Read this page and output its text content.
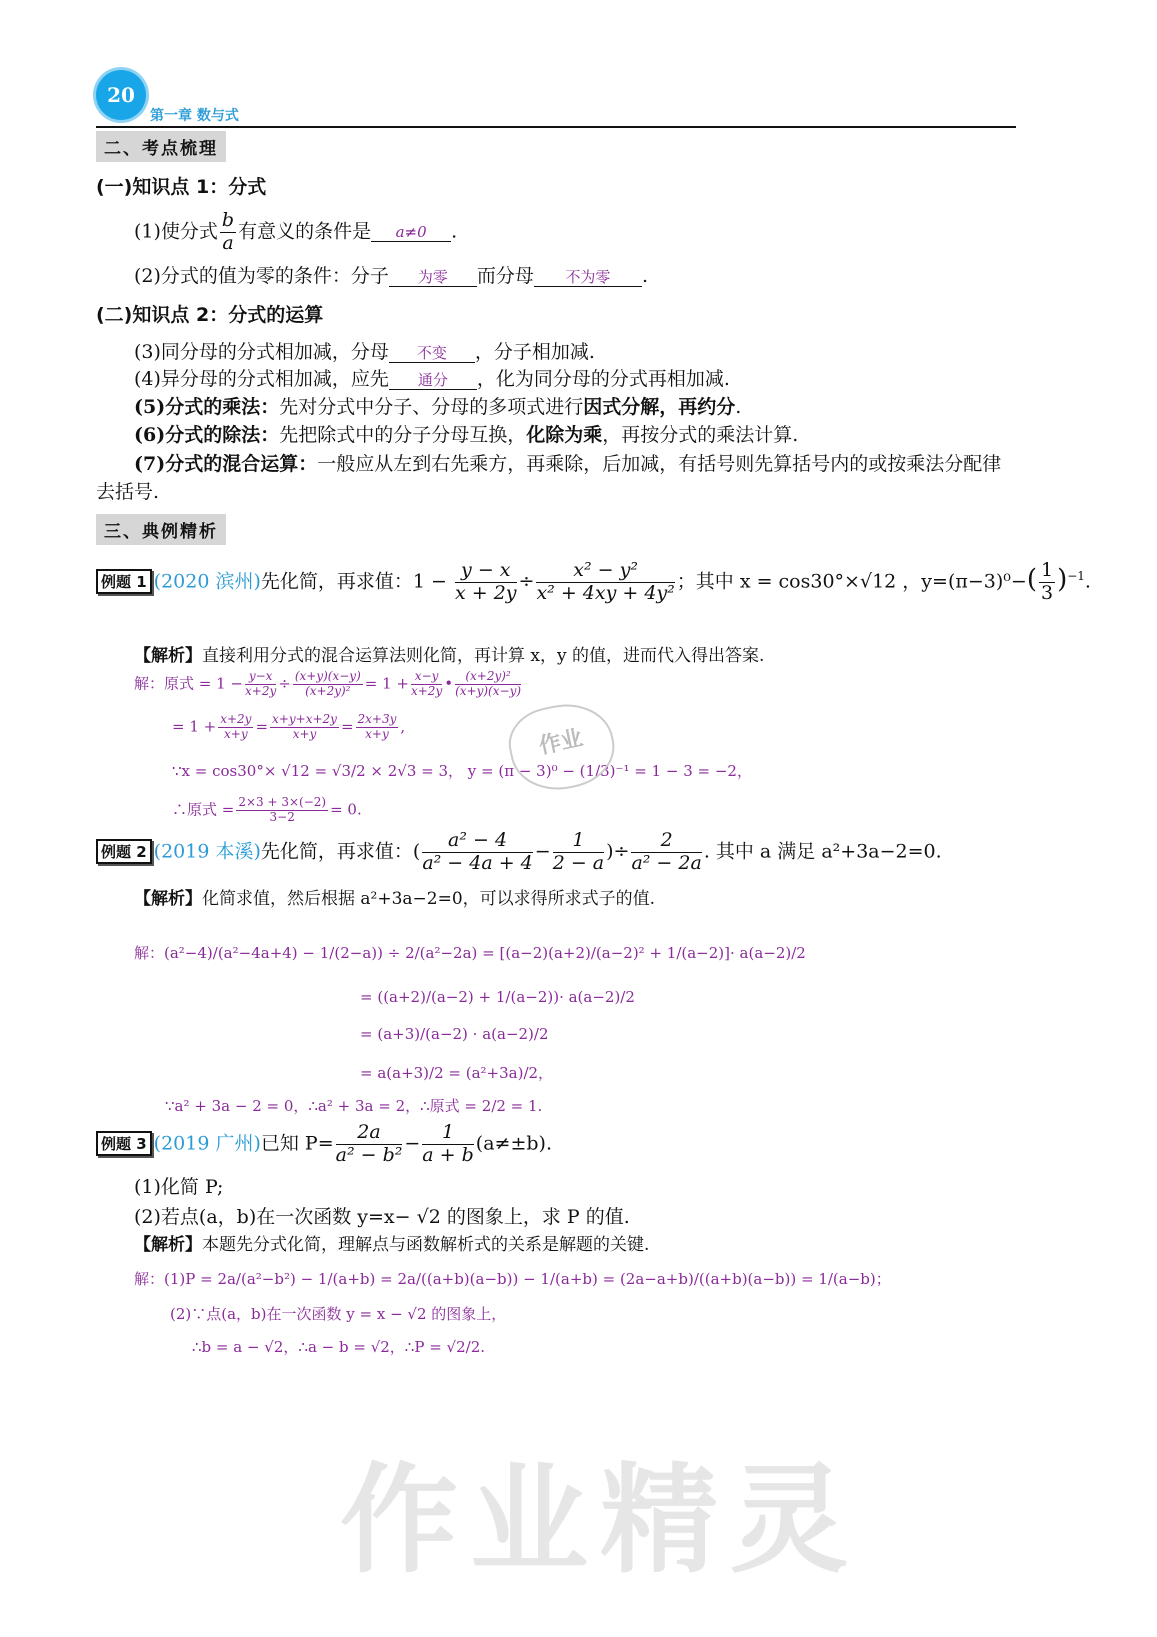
20
第一章 数与式
二、考点梳理
(一)知识点 1：分式
(1)使分式 $\frac{b}{a}$ 有意义的条件是 a≠0 .
(2)分式的值为零的条件：分子 为零 而分母 不为零 .
(二)知识点 2：分式的运算
(3)同分母的分式相加减，分母 不变 ，分子相加减.
(4)异分母的分式相加减，应先 通分 ，化为同分母的分式再相加减.
(5)分式的乘法：先对分式中分子、分母的多项式进行因式分解，再约分.
(6)分式的除法：先把除式中的分子分母互换，化除为乘，再按分式的乘法计算.
(7)分式的混合运算：一般应从左到右先乘方，再乘除，后加减，有括号则先算括号内的或按乘法分配律
去括号.
三、典例精析
例题 1 (2020 滨州)先化简，再求值：$1 - \frac{y - x}{x + 2y} \div \frac{\text{x² − y²}}{\text{x² + 4xy + 4y²}}$ ；其中 x = cos30°×√12 ，$y=(\pi-3)^0-( \frac{1}{3} )^{-1}$.
【解析】直接利用分式的混合运算法则化简，再计算 x，y 的值，进而代入得出答案.
解：原式 = $1 - \frac{y-x}{x+2y} \div \frac{(x+y)(x-y)}{\text{(x+2y)²}} = 1 + \frac{x-y}{x+2y}$ • $\frac{\text{(x+2y)²}}{(x+y)(x-y)}$
= $1 + \frac{x+2y}{x+y} = \frac{x+y+x+2y}{x+y} = \frac{2x+3y}{x+y}$ ,
∵x = cos30°× √12 = √3/2 × 2√3 = 3， y = (π − 3)⁰ − (1/3)⁻¹ = 1 − 3 = −2，
∴原式 = $\frac{2\times 3 + 3\times(-2)}{3-2} = 0$.
作业
例题 2 (2019 本溪)先化简，再求值：( $\frac{\text{a² − 4}}{\text{a² − 4a + 4}} - \frac{1}{2 - a}$ )÷ $\frac{2}{\text{a² − 2a}}$ . 其中 a 满足 a²+3a−2=0.
【解析】化简求值，然后根据 a²+3a−2=0，可以求得所求式子的值.
解：(a²−4)/(a²−4a+4) − 1/(2−a)) ÷ 2/(a²−2a) = [(a−2)(a+2)/(a−2)² + 1/(a−2)]· a(a−2)/2
= ((a+2)/(a−2) + 1/(a−2))· a(a−2)/2
= (a+3)/(a−2) · a(a−2)/2
= a(a+3)/2 = (a²+3a)/2，
∵a² + 3a − 2 = 0，∴a² + 3a = 2，∴原式 = 2/2 = 1.
例题 3 (2019 广州)已知 $P= \frac{2a}{\text{a² − b²}} - \frac{1}{a + b} (a\ne\pm b)$.
(1)化简 P;
(2)若点(a，b)在一次函数 y=x− √2 的图象上，求 P 的值.
【解析】本题先分式化简，理解点与函数解析式的关系是解题的关键.
解：(1)P = 2a/(a²−b²) − 1/(a+b) = 2a/((a+b)(a−b)) − 1/(a+b) = (2a−a+b)/((a+b)(a−b)) = 1/(a−b)；
(2)∵点(a，b)在一次函数 y = x − √2 的图象上，
∴b = a − √2，∴a − b = √2，∴P = √2/2.
作业精灵
